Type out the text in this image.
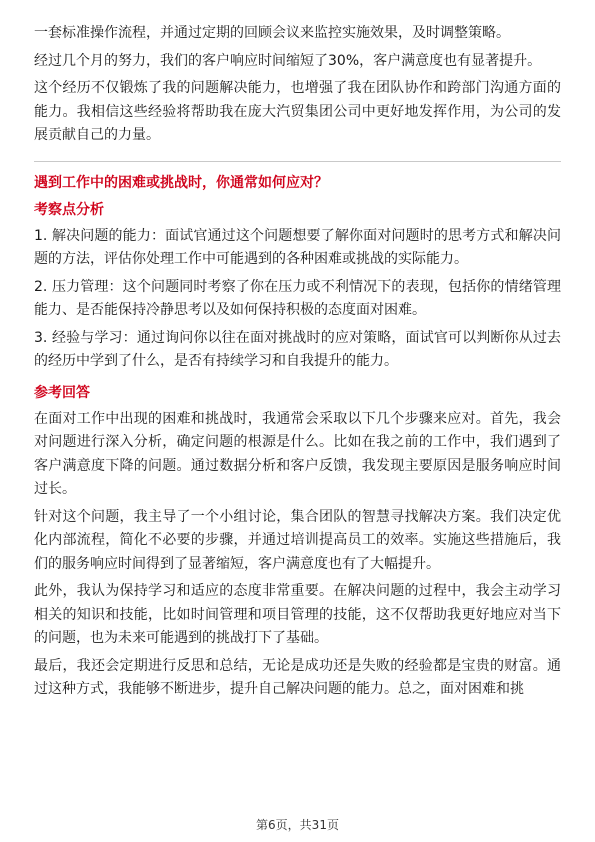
一套标准操作流程，并通过定期的回顾会议来监控实施效果，及时调整策略。

经过几个月的努力，我们的客户响应时间缩短了30%，客户满意度也有显著提升。

这个经历不仅锻炼了我的问题解决能力，也增强了我在团队协作和跨部门沟通方面的能力。我相信这些经验将帮助我在庞大汽贸集团公司中更好地发挥作用，为公司的发展贡献自己的力量。

遇到工作中的困难或挑战时，你通常如何应对？
考察点分析

1. 解决问题的能力：面试官通过这个问题想要了解你面对问题时的思考方式和解决问题的方法，评估你处理工作中可能遇到的各种困难或挑战的实际能力。

2. 压力管理：这个问题同时考察了你在压力或不利情况下的表现，包括你的情绪管理能力、是否能保持冷静思考以及如何保持积极的态度面对困难。

3. 经验与学习：通过询问你以往在面对挑战时的应对策略，面试官可以判断你从过去的经历中学到了什么，是否有持续学习和自我提升的能力。

参考回答

在面对工作中出现的困难和挑战时，我通常会采取以下几个步骤来应对。首先，我会对问题进行深入分析，确定问题的根源是什么。比如在我之前的工作中，我们遇到了客户满意度下降的问题。通过数据分析和客户反馈，我发现主要原因是服务响应时间过长。

针对这个问题，我主导了一个小组讨论，集合团队的智慧寻找解决方案。我们决定优化内部流程，简化不必要的步骤，并通过培训提高员工的效率。实施这些措施后，我们的服务响应时间得到了显著缩短，客户满意度也有了大幅提升。

此外，我认为保持学习和适应的态度非常重要。在解决问题的过程中，我会主动学习相关的知识和技能，比如时间管理和项目管理的技能，这不仅帮助我更好地应对当下的问题，也为未来可能遇到的挑战打下了基础。

最后，我还会定期进行反思和总结，无论是成功还是失败的经验都是宝贵的财富。通过这种方式，我能够不断进步，提升自己解决问题的能力。总之，面对困难和挑

第6页，共31页
